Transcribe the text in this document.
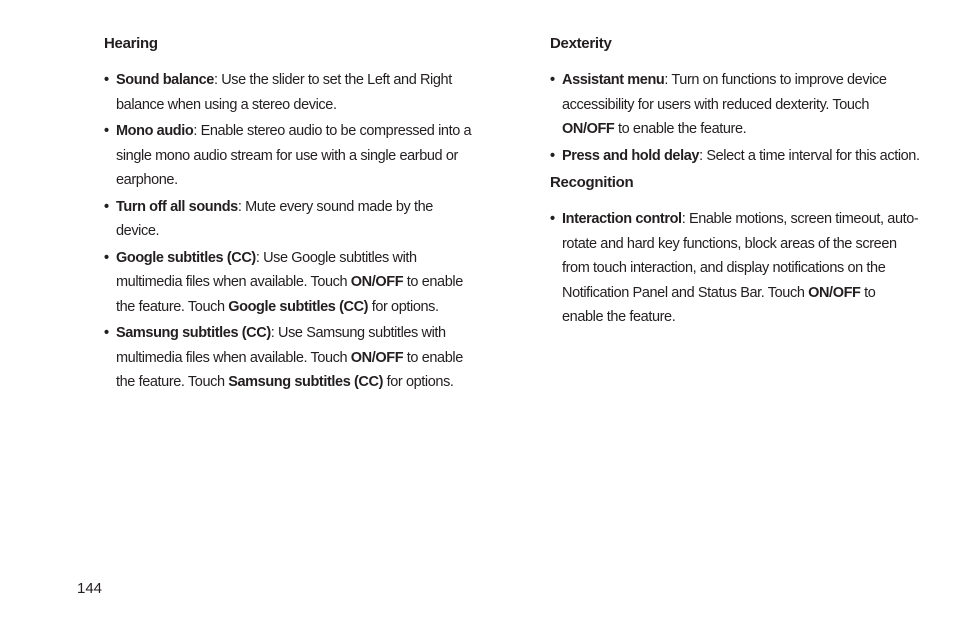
Hearing
• Sound balance: Use the slider to set the Left and Right balance when using a stereo device.
• Mono audio: Enable stereo audio to be compressed into a single mono audio stream for use with a single earbud or earphone.
• Turn off all sounds: Mute every sound made by the device.
• Google subtitles (CC): Use Google subtitles with multimedia files when available. Touch ON/OFF to enable the feature. Touch Google subtitles (CC) for options.
• Samsung subtitles (CC): Use Samsung subtitles with multimedia files when available. Touch ON/OFF to enable the feature. Touch Samsung subtitles (CC) for options.
Dexterity
• Assistant menu: Turn on functions to improve device accessibility for users with reduced dexterity. Touch ON/OFF to enable the feature.
• Press and hold delay: Select a time interval for this action.
Recognition
• Interaction control: Enable motions, screen timeout, auto-rotate and hard key functions, block areas of the screen from touch interaction, and display notifications on the Notification Panel and Status Bar. Touch ON/OFF to enable the feature.
144
